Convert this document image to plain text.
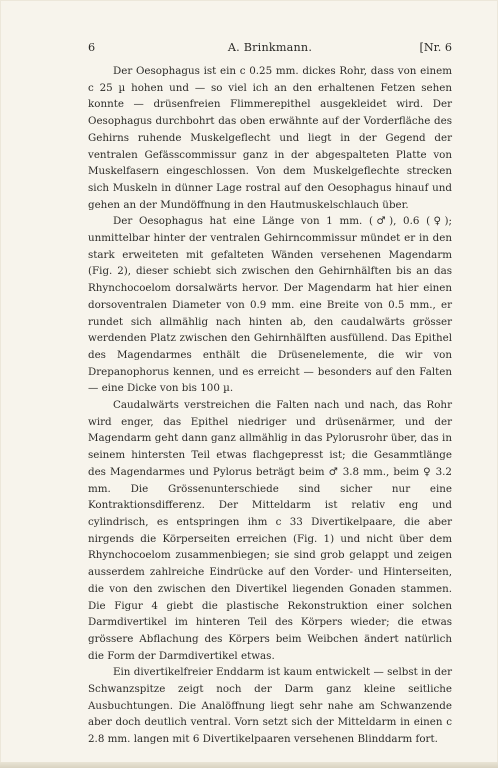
6	A. Brinkmann.	[Nr. 6

Der Oesophagus ist ein c 0.25 mm. dickes Rohr, dass von einem c 25 µ hohen und — so viel ich an den erhaltenen Fetzen sehen konnte — drüsenfreien Flimmerepithel ausgekleidet wird. Der Oesophagus durchbohrt das oben erwähnte auf der Vorderfläche des Gehirns ruhende Muskelgeflecht und liegt in der Gegend der ventralen Gefässcommissur ganz in der abgespalteten Platte von Muskelfasern eingeschlossen. Von dem Muskelgeflechte strecken sich Muskeln in dünner Lage rostral auf den Oesophagus hinauf und gehen an der Mundöffnung in den Hautmuskelschlauch über.

Der Oesophagus hat eine Länge von 1 mm. (♂), 0.6 (♀); unmittelbar hinter der ventralen Gehirncommissur mündet er in den stark erweiteten mit gefalteten Wänden versehenen Magendarm (Fig. 2), dieser schiebt sich zwischen den Gehirnhälften bis an das Rhynchocoelom dorsalwärts hervor. Der Magendarm hat hier einen dorsoventralen Diameter von 0.9 mm. eine Breite von 0.5 mm., er rundet sich allmählig nach hinten ab, den caudalwärts grösser werdenden Platz zwischen den Gehirnhälften ausfüllend. Das Epithel des Magendarmes enthält die Drüsenelemente, die wir von Drepanophorus kennen, und es erreicht — besonders auf den Falten — eine Dicke von bis 100 µ.

Caudalwärts verstreichen die Falten nach und nach, das Rohr wird enger, das Epithel niedriger und drüsenärmer, und der Magendarm geht dann ganz allmählig in das Pylorusrohr über, das in seinem hintersten Teil etwas flachgepresst ist; die Gesammtlänge des Magendarmes und Pylorus beträgt beim ♂ 3.8 mm., beim ♀ 3.2 mm. Die Grössenunterschiede sind sicher nur eine Kontraktionsdifferenz. Der Mitteldarm ist relativ eng und cylindrisch, es entspringen ihm c 33 Divertikelpaare, die aber nirgends die Körperseiten erreichen (Fig. 1) und nicht über dem Rhynchocoelom zusammenbiegen; sie sind grob gelappt und zeigen ausserdem zahlreiche Eindrücke auf den Vorder- und Hinterseiten, die von den zwischen den Divertikel liegenden Gonaden stammen. Die Figur 4 giebt die plastische Rekonstruktion einer solchen Darmdivertikel im hinteren Teil des Körpers wieder; die etwas grössere Abflachung des Körpers beim Weibchen ändert natürlich die Form der Darmdivertikel etwas.

Ein divertikelfreier Enddarm ist kaum entwickelt — selbst in der Schwanzspitze zeigt noch der Darm ganz kleine seitliche Ausbuchtungen. Die Analöffnung liegt sehr nahe am Schwanzende aber doch deutlich ventral. Vorn setzt sich der Mitteldarm in einen c 2.8 mm. langen mit 6 Divertikelpaaren versehenen Blinddarm fort.
